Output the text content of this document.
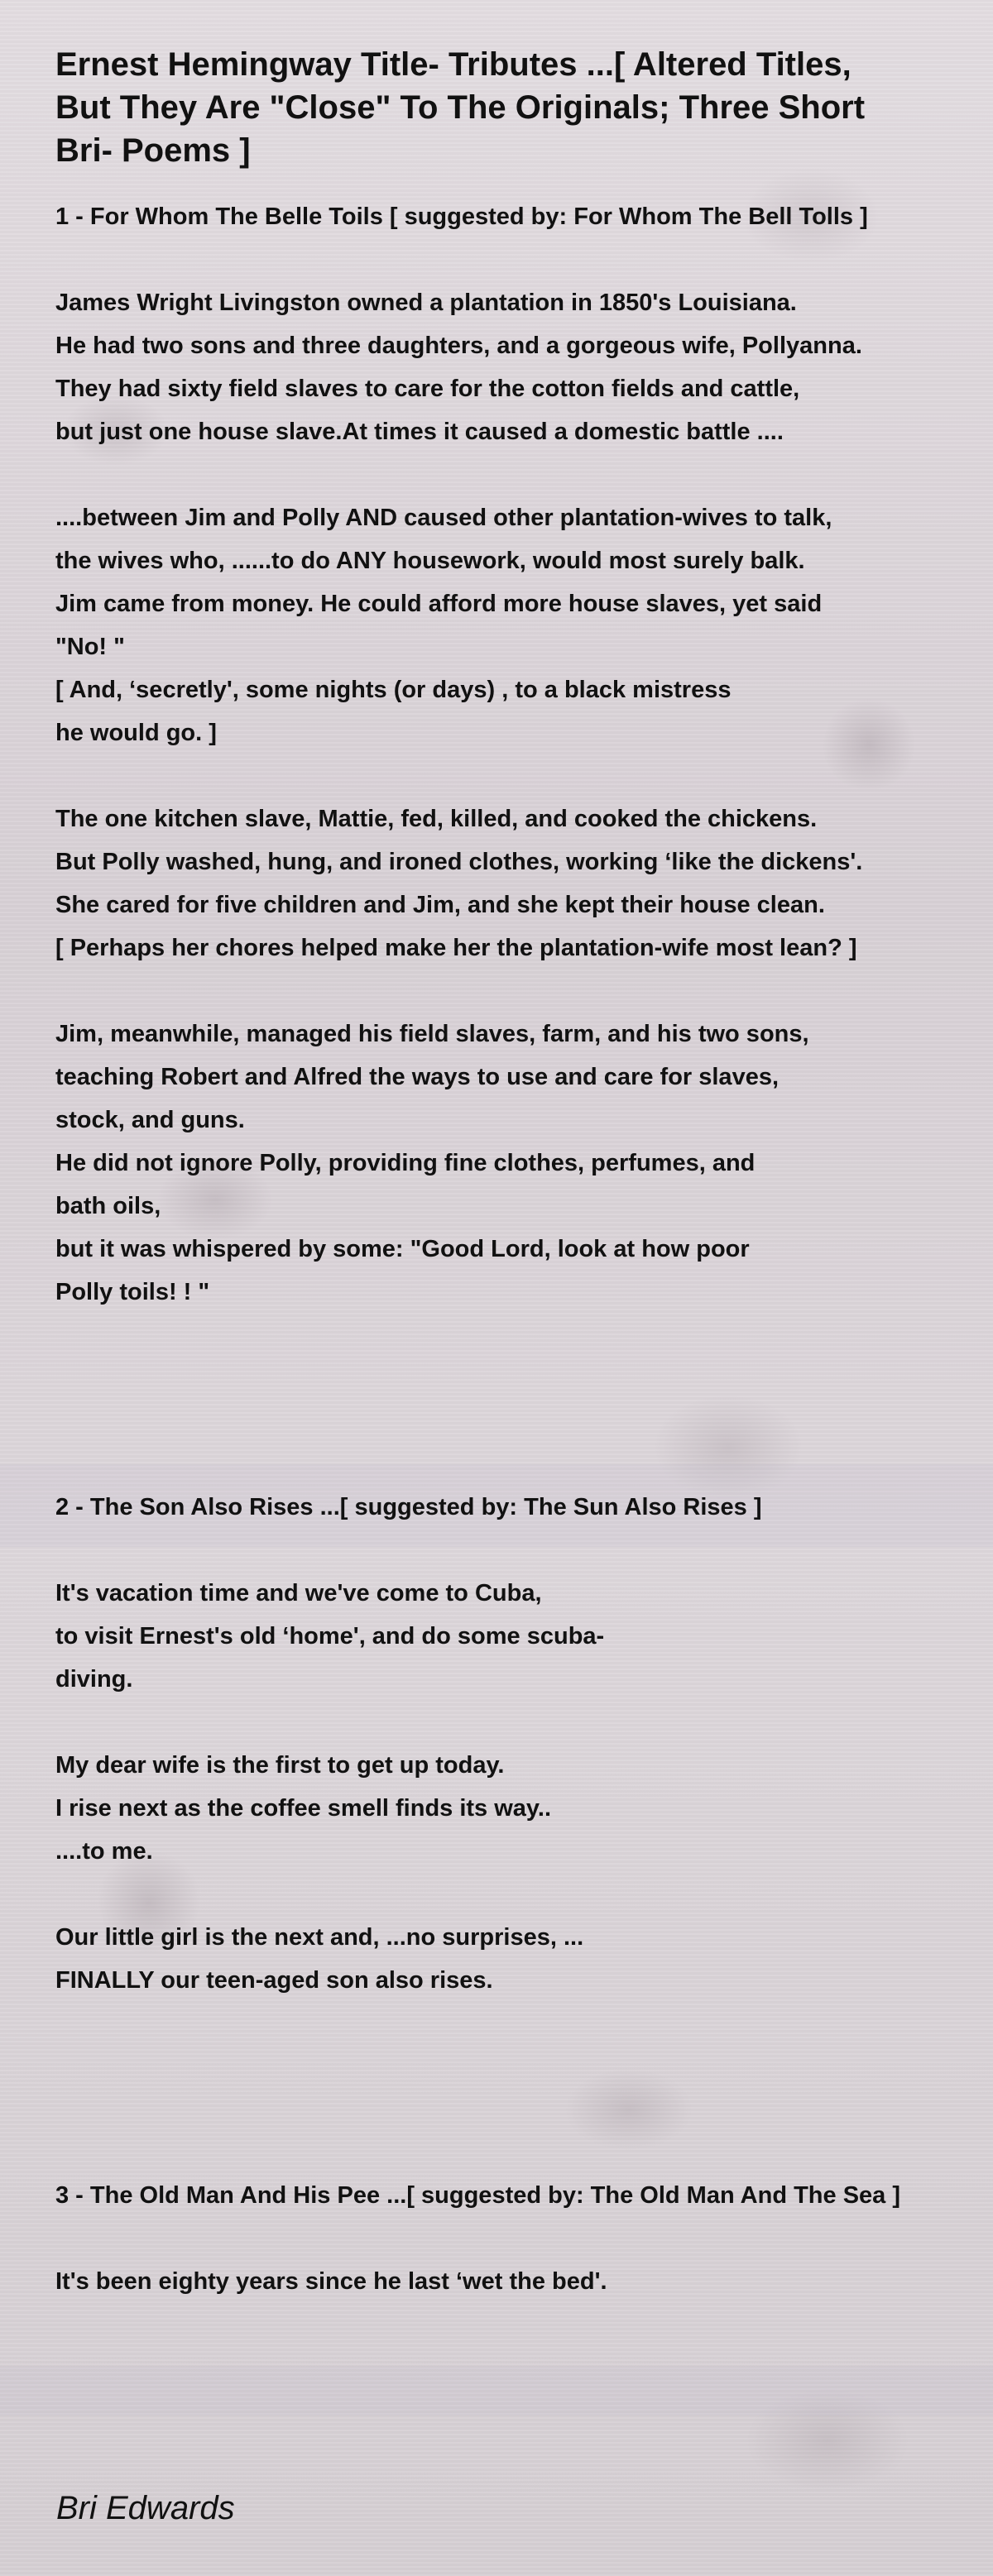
Ernest Hemingway Title- Tributes ...[ Altered Titles, But They Are "Close" To The Originals; Three Short Bri- Poems ]

1 - For Whom The Belle Toils [ suggested by: For Whom The Bell Tolls ]

James Wright Livingston owned a plantation in 1850's Louisiana.

He had two sons and three daughters, and a gorgeous wife, Pollyanna.

They had sixty field slaves to care for the cotton fields and cattle,

but just one house slave.At times it caused a domestic battle ....

....between Jim and Polly AND caused other plantation-wives to talk,

the wives who, ......to do ANY housework, would most surely balk.

Jim came from money. He could afford more house slaves, yet said

"No! "

[ And, ‘secretly', some nights (or days) , to a black mistress

he would go. ]

The one kitchen slave, Mattie, fed, killed, and cooked the chickens.

But Polly washed, hung, and ironed clothes, working ‘like the dickens'.

She cared for five children and Jim, and she kept their house clean.

[ Perhaps her chores helped make her the plantation-wife most lean? ]

Jim, meanwhile, managed his field slaves, farm, and his two sons,

teaching Robert and Alfred the ways to use and care for slaves,

stock, and guns.

He did not ignore Polly, providing fine clothes, perfumes, and

bath oils,

but it was whispered by some: "Good Lord, look at how poor

Polly toils! ! "

2 - The Son Also Rises ...[ suggested by: The Sun Also Rises ]

It's vacation time and we've come to Cuba,

to visit Ernest's old ‘home', and do some scuba-

diving.

My dear wife is the first to get up today.

I rise next as the coffee smell finds its way..

....to me.

Our little girl is the next and, ...no surprises, ...

FINALLY our teen-aged son also rises.

3 - The Old Man And His Pee ...[ suggested by: The Old Man And The Sea ]

It's been eighty years since he last ‘wet the bed'.

Bri Edwards
